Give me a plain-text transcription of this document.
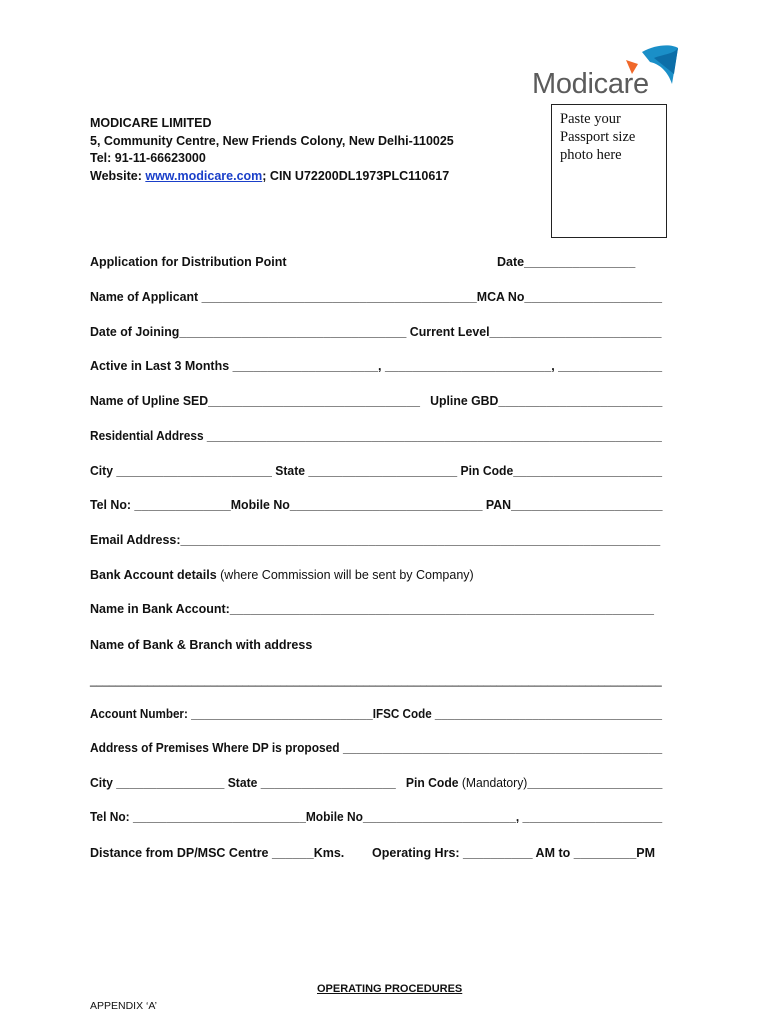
Modicare
MODICARE LIMITED
5, Community Centre, New Friends Colony, New Delhi-110025
Tel: 91-11-66623000
Website: www.modicare.com; CIN U72200DL1973PLC110617
Paste your
Passport size
photo here
Application for Distribution Point	Date________________
Name of Applicant ________________________________________MCA No____________________
Date of Joining_________________________________ Current Level_________________________
Active in Last 3 Months _____________________, ________________________, _______________
Name of Upline SED_______________________________   Upline GBD________________________
Residential Address _____________________________________________________________________
City _______________________ State ______________________ Pin Code______________________
Tel No: ______________Mobile No____________________________ PAN______________________
Email Address:_____________________________________________________________________
Bank Account details (where Commission will be sent by Company)
Name in Bank Account:_____________________________________________________________
Name of Bank & Branch with address
__________________________________________________________________________________________
Account Number: ____________________________IFSC Code ___________________________________
Address of Premises Where DP is proposed ________________________________________________
City ________________ State ____________________   Pin Code (Mandatory)____________________
Tel No: __________________________Mobile No_______________________, _____________________
Distance from DP/MSC Centre ______Kms.        Operating Hrs: __________ AM to _________PM
OPERATING PROCEDURES
APPENDIX ‘A’
